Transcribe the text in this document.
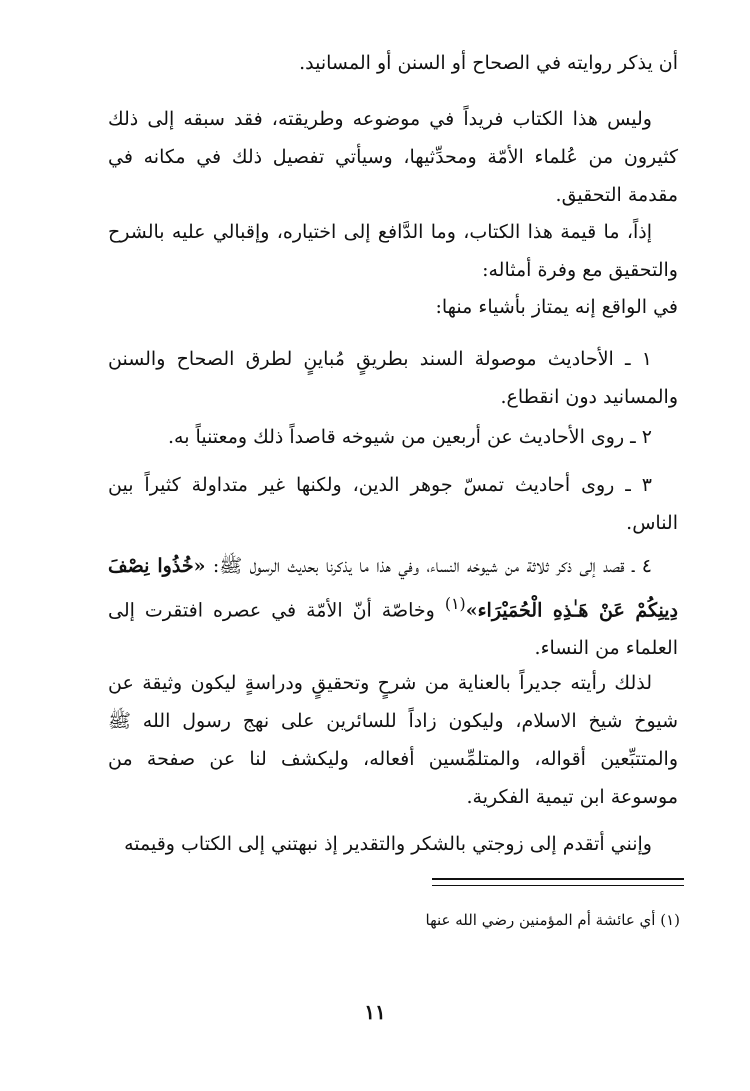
أن يذكر روايته في الصحاح أو السنن أو المسانيد.
وليس هذا الكتاب فريداً في موضوعه وطريقته، فقد سبقه إلى ذلك كثيرون من عُلماء الأمّة ومحدِّثيها، وسيأتي تفصيل ذلك في مكانه في مقدمة التحقيق.
إذاً، ما قيمة هذا الكتاب، وما الدَّافع إلى اختياره، وإقبالي عليه بالشرح والتحقيق مع وفرة أمثاله:
في الواقع إنه يمتاز بأشياء منها:
١ ـ الأحاديث موصولة السند بطريقٍ مُباينٍ لطرق الصحاح والسنن والمسانيد دون انقطاع.
٢ ـ روى الأحاديث عن أربعين من شيوخه قاصداً ذلك ومعتنياً به.
٣ ـ روى أحاديث تمسّ جوهر الدين، ولكنها غير متداولة كثيراً بين الناس.
٤ ـ قصد إلى ذكر ثلاثة من شيوخه النساء، وفي هذا ما يذكرنا بحديث الرسول ﷺ: «خُذُوا نِصْفَ دِينِكُمْ عَنْ هَـٰذِهِ الْحُمَيْرَاء»$^{(١)}$ وخاصّة أنّ الأمّة في عصره افتقرت إلى العلماء من النساء.
لذلك رأيته جديراً بالعناية من شرحٍ وتحقيقٍ ودراسةٍ ليكون وثيقة عن شيوخ شيخ الاسلام، وليكون زاداً للسائرين على نهج رسول الله ﷺ والمتتبِّعين أقواله، والمتلمِّسين أفعاله، وليكشف لنا عن صفحة من موسوعة ابن تيمية الفكرية.
وإنني أتقدم إلى زوجتي بالشكر والتقدير إذ نبهتني إلى الكتاب وقيمته
(١) أي عائشة أم المؤمنين رضي الله عنها
١١
